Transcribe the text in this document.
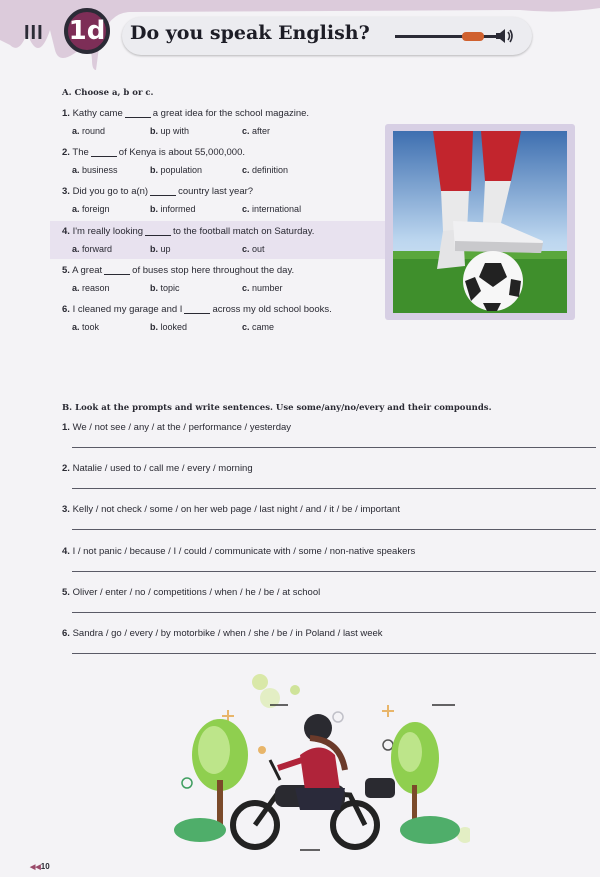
III 1d Do you speak English?
A. Choose a, b or c.
1. Kathy came	a great idea for the school magazine.
a. round	b. up with	c. after
2. The	of Kenya is about 55,000,000.
a. business	b. population	c. definition
3. Did you go to a(n)	country last year?
a. foreign	b. informed	c. international
4. I'm really looking	to the football match on Saturday.
a. forward	b. up	c. out
5. A great	of buses stop here throughout the day.
a. reason	b. topic	c. number
6. I cleaned my garage and I	across my old school books.
a. took	b. looked	c. came
B. Look at the prompts and write sentences. Use some/any/no/every and their compounds.
1. We / not see / any / at the / performance / yesterday
2. Natalie / used to / call me / every / morning
3. Kelly / not check / some / on her web page / last night / and / it / be / important
4. I / not panic / because / I / could / communicate with / some / non-native speakers
5. Oliver / enter / no / competitions / when / he / be / at school
6. Sandra / go / every / by motorbike / when / she / be / in Poland / last week
◀◀10
